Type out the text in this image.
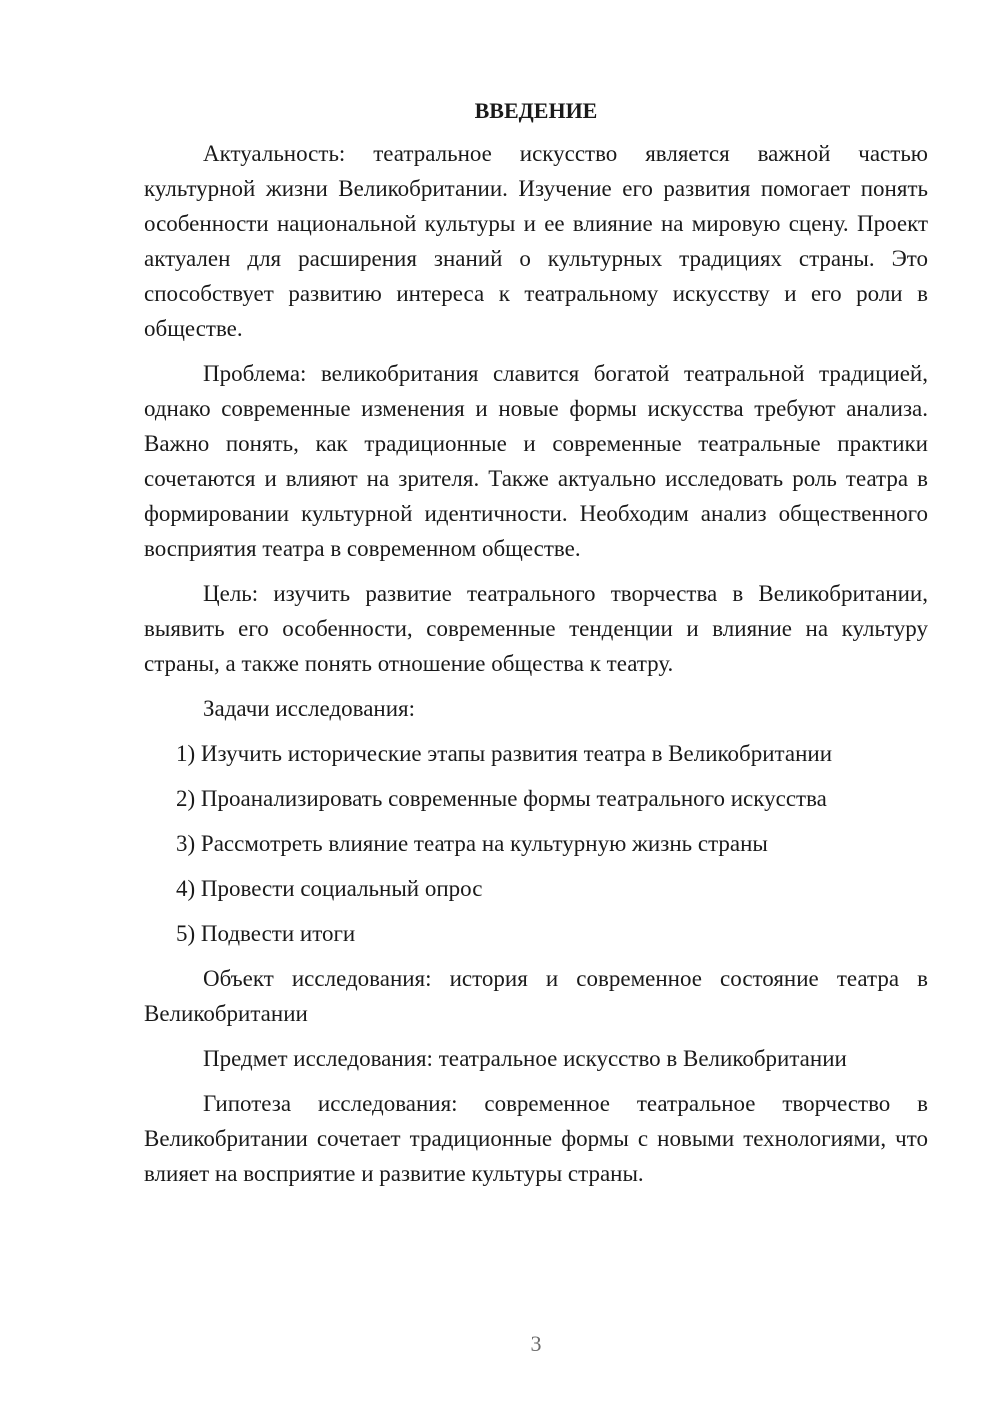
ВВЕДЕНИЕ

Актуальность: театральное искусство является важной частью культурной жизни Великобритании. Изучение его развития помогает понять особенности национальной культуры и ее влияние на мировую сцену. Проект актуален для расширения знаний о культурных традициях страны. Это способствует развитию интереса к театральному искусству и его роли в обществе.

Проблема: великобритания славится богатой театральной традицией, однако современные изменения и новые формы искусства требуют анализа. Важно понять, как традиционные и современные театральные практики сочетаются и влияют на зрителя. Также актуально исследовать роль театра в формировании культурной идентичности. Необходим анализ общественного восприятия театра в современном обществе.

Цель: изучить развитие театрального творчества в Великобритании, выявить его особенности, современные тенденции и влияние на культуру страны, а также понять отношение общества к театру.

Задачи исследования:

1) Изучить исторические этапы развития театра в Великобритании
2) Проанализировать современные формы театрального искусства
3) Рассмотреть влияние театра на культурную жизнь страны
4) Провести социальный опрос
5) Подвести итоги

Объект исследования: история и современное состояние театра в Великобритании

Предмет исследования: театральное искусство в Великобритании

Гипотеза исследования: современное театральное творчество в Великобритании сочетает традиционные формы с новыми технологиями, что влияет на восприятие и развитие культуры страны.

3
